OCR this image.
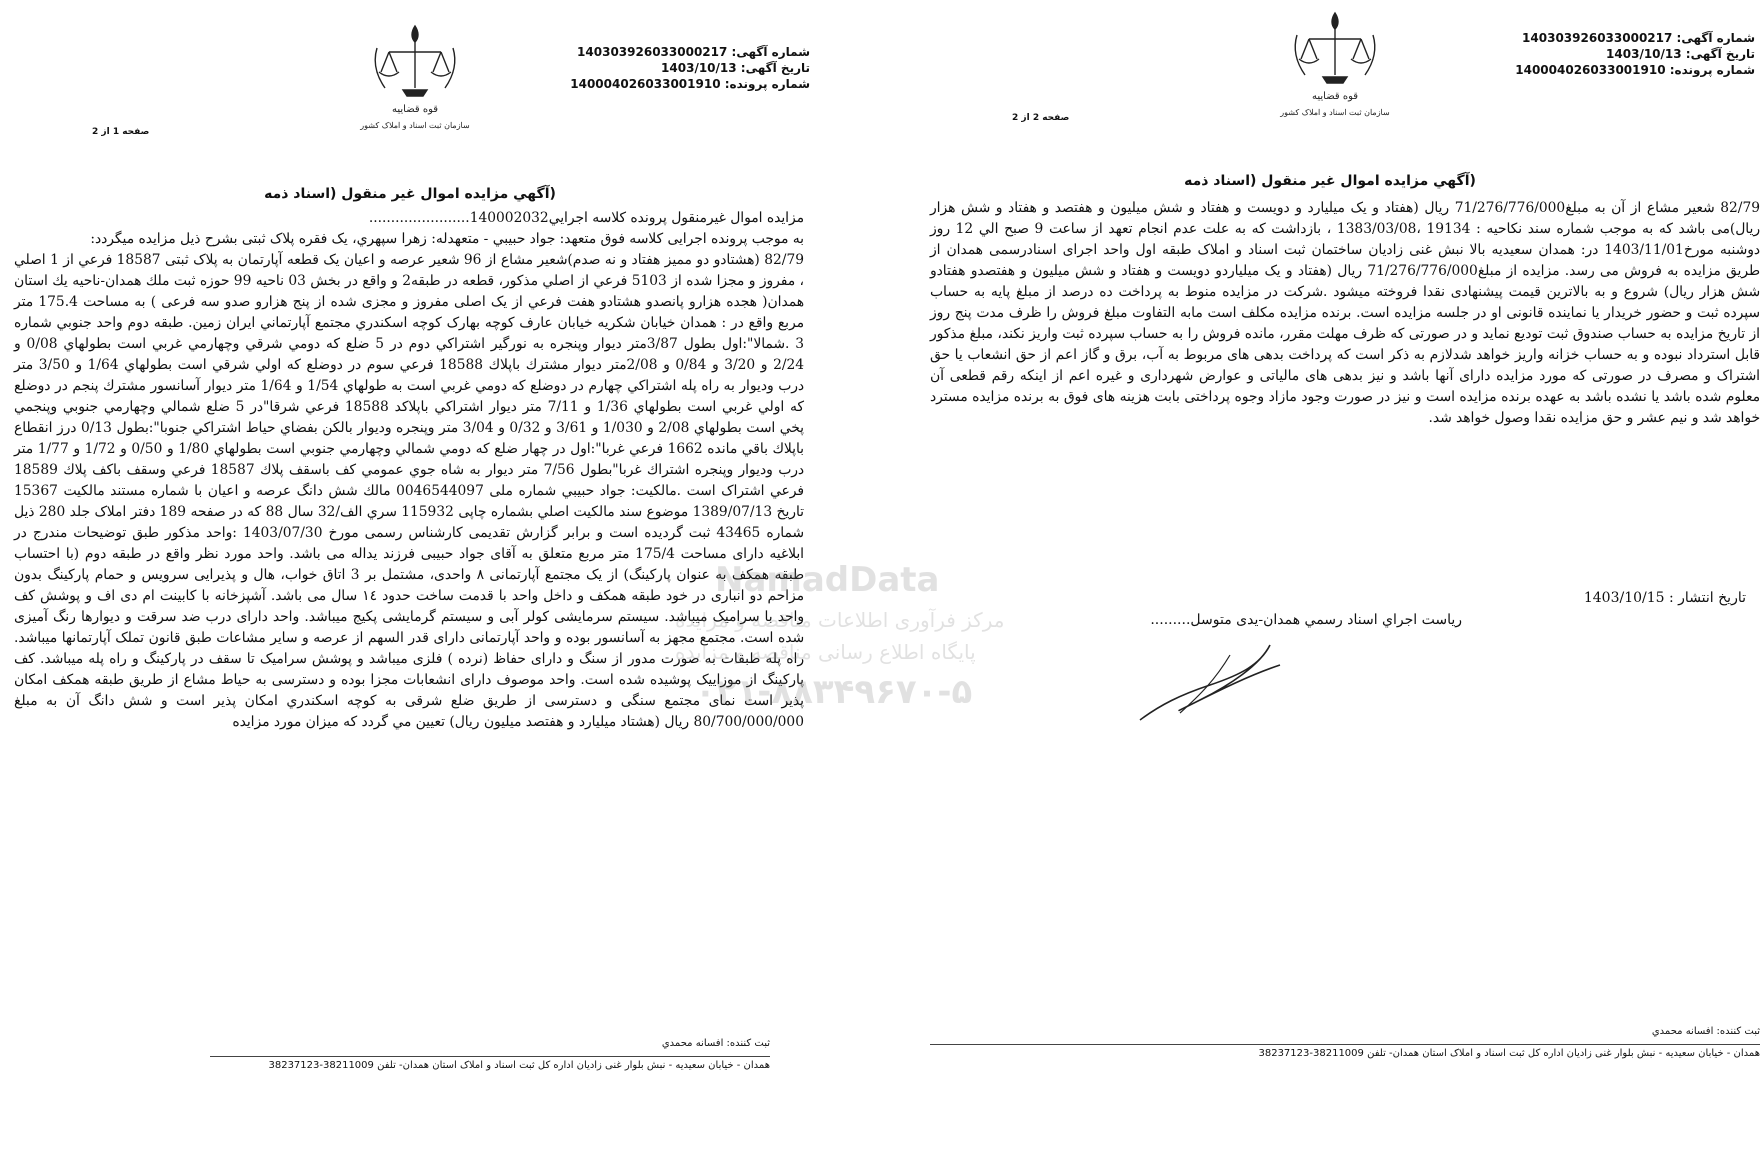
شماره آگهی: 140303926033000217
تاریخ آگهی: 1403/10/13
شماره پرونده: 140004026033001910
قوه قضاییه
سازمان ثبت اسناد و املاک کشور
صفحه 1 از 2
(آگهي مزايده اموال غير منقول (اسناد ذمه

مزايده اموال غيرمنقول پرونده كلاسه اجرايي140002032.......................

به موجب پرونده اجرايی كلاسه فوق متعهد: جواد حبيبي - متعهدله: زهرا سپهري، يک فقره پلاک ثبتی بشرح ذيل مزايده ميگردد:

82/79 (هشتادو دو مميز هفتاد و نه صدم)شعير مشاع از 96 شعير عرصه و اعيان يک قطعه آپارتمان به پلاک ثبتی 18587 فرعي از 1 اصلي ، مفروز و مجزا شده از 5103 فرعي از اصلي مذكور، قطعه در طبقه2 و واقع در بخش 03 ناحيه 99 حوزه ثبت ملك همدان-ناحيه يك استان همدان( هجده هزارو پانصدو هشتادو هفت فرعي از يک اصلی مفروز و مجزی شده از پنج هزارو صدو سه فرعی ) به مساحت 175.4 متر مربع واقع در : همدان خيابان شكريه خيابان عارف كوچه بهارک كوچه اسكندري مجتمع آپارتماني ايران زمين. طبقه دوم واحد جنوبي شماره 3 .شمالا":اول بطول 3/87متر ديوار وپنجره به نورگير اشتراكي دوم در 5 ضلع كه دومي شرقي وچهارمي غربي است بطولهاي 0/08 و 2/24 و 3/20 و 0/84 و 2/08متر ديوار مشترك باپلاك 18588 فرعي سوم در دوضلع كه اولي شرقي است بطولهاي 1/64 و 3/50 متر درب وديوار به راه پله اشتراكي چهارم در دوضلع كه دومي غربي است به طولهاي 1/54 و 1/64 متر ديوار آسانسور مشترك پنجم در دوضلع كه اولي غربي است بطولهاي 1/36 و 7/11 متر ديوار اشتراكي باپلاكد 18588 فرعي شرقا"در 5 ضلع شمالي وچهارمي جنوبي وپنجمي پخي است بطولهاي 2/08 و 1/030 و 3/61 و 0/32 و 3/04 متر وپنجره وديوار بالكن بفضاي حياط اشتراكي جنوبا":بطول 0/13 درز انقطاع باپلاك باقي مانده 1662 فرعي غربا":اول در چهار ضلع كه دومي شمالي وچهارمي جنوبي است بطولهاي 1/80 و 0/50 و 1/72 و 1/77 متر درب وديوار وپنجره اشتراك غربا"بطول 7/56 متر ديوار به شاه جوي عمومي كف باسقف پلاك 18587 فرعي وسقف باكف پلاك 18589 فرعي اشتراک است .مالكيت: جواد حبيبي شماره ملی 0046544097 مالك شش دانگ عرصه و اعيان با شماره مستند مالكيت 15367 تاريخ 1389/07/13 موضوع سند مالكيت اصلي بشماره چاپی 115932 سري الف/32 سال 88 كه در صفحه 189 دفتر املاک جلد 280 ذيل شماره 43465 ثبت گرديده است و برابر گزارش تقديمی كارشناس رسمی مورخ 1403/07/30 :واحد مذكور طبق توضيحات مندرج در ابلاغيه دارای مساحت 175/4 متر مربع متعلق به آقای جواد حبيبی فرزند يداله می باشد. واحد مورد نظر واقع در طبقه دوم (با احتساب طبقه همكف به عنوان پاركينگ) از يک مجتمع آپارتمانی ۸ واحدی، مشتمل بر 3 اتاق خواب، هال و پذيرايی سرويس و حمام پاركينگ بدون مزاحم دو انباری در خود طبقه همكف و داخل واحد با قدمت ساخت حدود ١٤ سال می باشد. آشپزخانه با كابينت ام دی اف و پوشش كف واحد با سراميک ميباشد. سيستم سرمايشی كولر آبی و سيستم گرمايشی پكيج ميباشد. واحد دارای درب ضد سرقت و ديوارها رنگ آميزی شده است. مجتمع مجهز به آسانسور بوده و واحد آپارتمانی دارای قدر السهم از عرصه و ساير مشاعات طبق قانون تملک آپارتمانها ميباشد. راه پله طبقات به صورت مدور از سنگ و دارای حفاظ (نرده ) فلزی ميباشد و پوشش سراميک تا سقف در پاركينگ و راه پله ميباشد. كف پاركينگ از موزاييک پوشيده شده است. واحد موصوف دارای انشعابات مجزا بوده و دسترسی به حياط مشاع از طريق طبقه همكف امكان پذير است نمای مجتمع سنگی و دسترسی از طريق ضلع شرقی به كوچه اسكندري امكان پذير است و شش دانگ آن به مبلغ 80/700/000/000 ريال (هشتاد ميليارد و هفتصد ميليون ريال) تعيين مي گردد كه ميزان مورد مزايده

ثبت كننده: افسانه محمدي
همدان - خيابان سعيديه - نبش بلوار غنی زاديان اداره كل ثبت اسناد و املاک استان همدان- تلفن 38211009-38237123
شماره آگهی: 140303926033000217
تاریخ آگهی: 1403/10/13
شماره پرونده: 140004026033001910
قوه قضاییه
سازمان ثبت اسناد و املاک کشور
صفحه 2 از 2
(آگهي مزايده اموال غير منقول (اسناد ذمه

82/79 شعير مشاع از آن به مبلغ71/276/776/000 ريال (هفتاد و يک ميليارد و دويست و هفتاد و شش ميليون و هفتصد و هفتاد و شش هزار ريال)می باشد كه به موجب شماره سند نكاحيه : 19134 ،1383/03/08 ، بازداشت كه به علت عدم انجام تعهد از ساعت 9 صبح الي 12 روز دوشنبه مورخ1403/11/01 در: همدان سعيديه بالا نبش غنی زاديان ساختمان ثبت اسناد و املاک طبقه اول واحد اجرای اسنادرسمی همدان از طريق مزايده به فروش می رسد. مزايده از مبلغ71/276/776/000 ريال (هفتاد و يک ميلياردو دويست و هفتاد و شش ميليون و هفتصدو هفتادو شش هزار ريال) شروع و به بالاترين قيمت پيشنهادی نقدا فروخته ميشود .شركت در مزايده منوط به پرداخت ده درصد از مبلغ پايه به حساب سپرده ثبت و حضور خريدار يا نماينده قانونی او در جلسه مزايده است. برنده مزايده مكلف است مابه التفاوت مبلغ فروش را ظرف مدت پنج روز از تاريخ مزايده به حساب صندوق ثبت توديع نمايد و در صورتی كه ظرف مهلت مقرر، مانده فروش را به حساب سپرده ثبت واريز نكند، مبلغ مذكور قابل استرداد نبوده و به حساب خزانه واريز خواهد شدلازم به ذكر است كه پرداخت بدهی های مربوط به آب، برق و گاز اعم از حق انشعاب يا حق اشتراک و مصرف در صورتی كه مورد مزايده دارای آنها باشد و نيز بدهی های مالياتی و عوارض شهرداری و غيره اعم از اينكه رقم قطعی آن معلوم شده باشد يا نشده باشد به عهده برنده مزايده است و نيز در صورت وجود مازاد وجوه پرداختی بابت هزينه های فوق به برنده مزايده مسترد خواهد شد و نيم عشر و حق مزايده نقدا وصول خواهد شد.

تاريخ انتشار : 1403/10/15
رياست اجراي اسناد رسمي همدان-يدی متوسل.........
ثبت كننده: افسانه محمدي
همدان - خيابان سعيديه - نبش بلوار غنی زاديان اداره كل ثبت اسناد و املاک استان همدان- تلفن 38211009-38237123
NamadData
مرکز فرآوری اطلاعات مناقصه و مزایده
پایگاه اطلاع رسانی مناقصه و مزایده
۰۲۱-۸۸۳۴۹۶۷۰-۵
